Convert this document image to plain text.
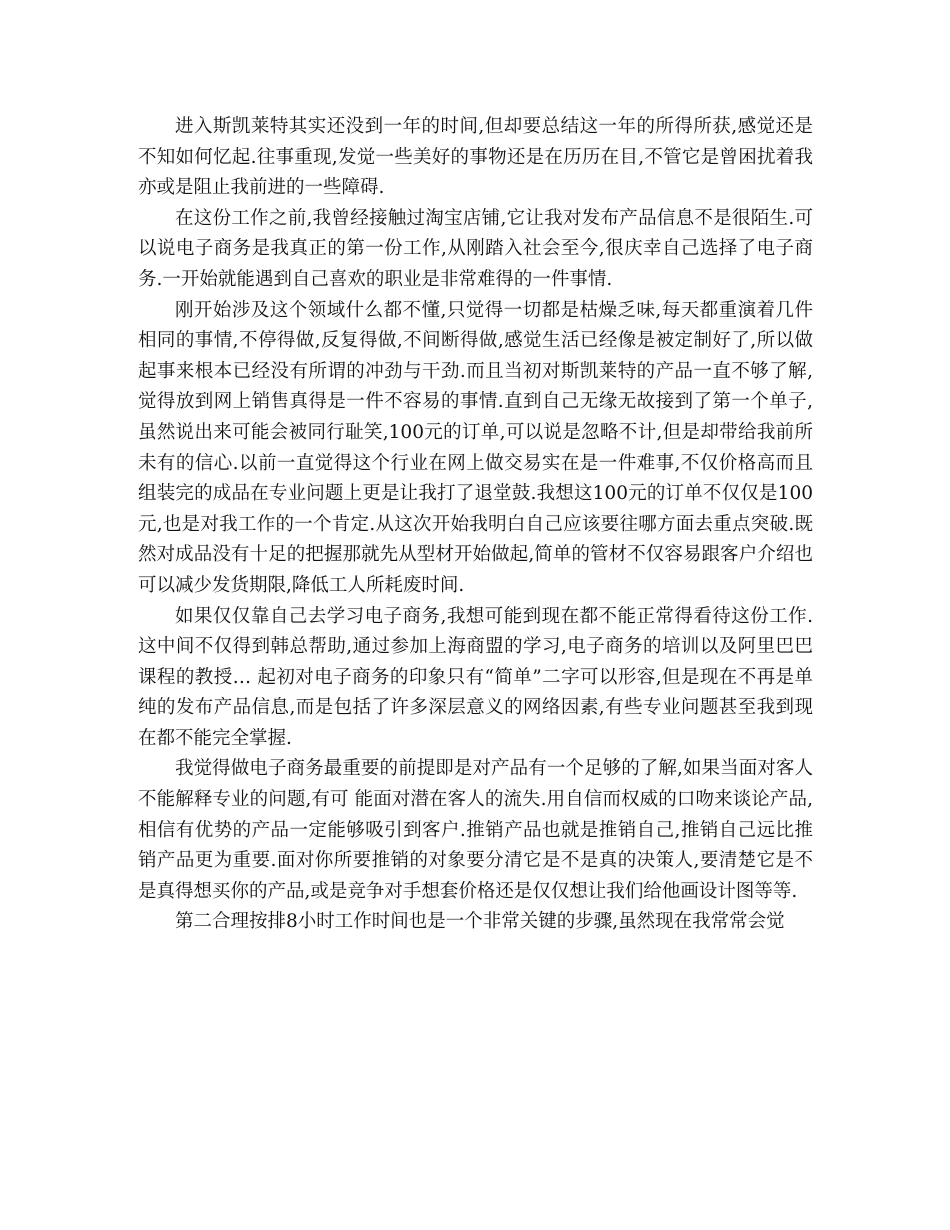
进入斯凯莱特其实还没到一年的时间,但却要总结这一年的所得所获,感觉还是不知如何忆起.往事重现,发觉一些美好的事物还是在历历在目,不管它是曾困扰着我亦或是阻止我前进的一些障碍.

在这份工作之前,我曾经接触过淘宝店铺,它让我对发布产品信息不是很陌生.可以说电子商务是我真正的第一份工作,从刚踏入社会至今,很庆幸自己选择了电子商务.一开始就能遇到自己喜欢的职业是非常难得的一件事情.

刚开始涉及这个领域什么都不懂,只觉得一切都是枯燥乏味,每天都重演着几件相同的事情,不停得做,反复得做,不间断得做,感觉生活已经像是被定制好了,所以做起事来根本已经没有所谓的冲劲与干劲.而且当初对斯凯莱特的产品一直不够了解,觉得放到网上销售真得是一件不容易的事情.直到自己无缘无故接到了第一个单子,虽然说出来可能会被同行耻笑,100元的订单,可以说是忽略不计,但是却带给我前所未有的信心.以前一直觉得这个行业在网上做交易实在是一件难事,不仅价格高而且组装完的成品在专业问题上更是让我打了退堂鼓.我想这100元的订单不仅仅是100元,也是对我工作的一个肯定.从这次开始我明白自己应该要往哪方面去重点突破.既然对成品没有十足的把握那就先从型材开始做起,简单的管材不仅容易跟客户介绍也可以减少发货期限,降低工人所耗废时间.

如果仅仅靠自己去学习电子商务,我想可能到现在都不能正常得看待这份工作.这中间不仅得到韩总帮助,通过参加上海商盟的学习,电子商务的培训以及阿里巴巴课程的教授… 起初对电子商务的印象只有“简单”二字可以形容,但是现在不再是单纯的发布产品信息,而是包括了许多深层意义的网络因素,有些专业问题甚至我到现在都不能完全掌握.

我觉得做电子商务最重要的前提即是对产品有一个足够的了解,如果当面对客人不能解释专业的问题,有可 能面对潜在客人的流失.用自信而权威的口吻来谈论产品,相信有优势的产品一定能够吸引到客户.推销产品也就是推销自己,推销自己远比推销产品更为重要.面对你所要推销的对象要分清它是不是真的决策人,要清楚它是不是真得想买你的产品,或是竞争对手想套价格还是仅仅想让我们给他画设计图等等.

第二合理按排8小时工作时间也是一个非常关键的步骤,虽然现在我常常会觉
